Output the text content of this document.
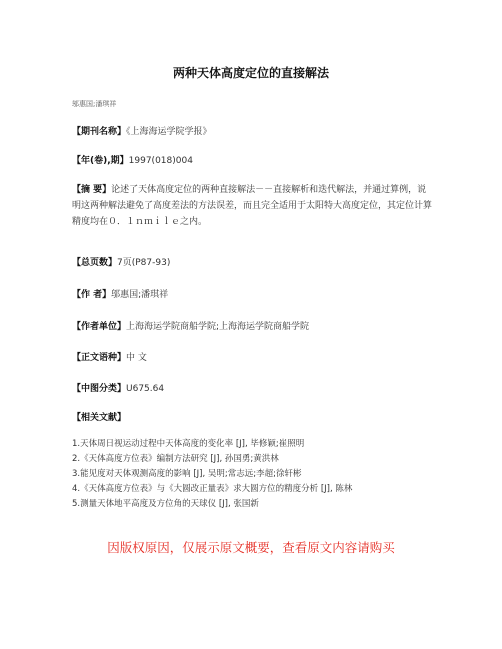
两种天体高度定位的直接解法
邬惠国;潘琪祥
【期刊名称】《上海海运学院学报》
【年(卷),期】1997(018)004
【摘 要】论述了天体高度定位的两种直接解法－－直接解析和迭代解法，并通过算例，说明这两种解法避免了高度差法的方法误差，而且完全适用于太阳特大高度定位，其定位计算精度均在０．１ｎｍｉｌｅ之内。
【总页数】7页(P87-93)
【作 者】邬惠国;潘琪祥
【作者单位】上海海运学院商船学院;上海海运学院商船学院
【正文语种】中 文
【中图分类】U675.64
【相关文献】
1.天体周日视运动过程中天体高度的变化率 [J], 毕修颖;崔照明
2.《天体高度方位表》编制方法研究 [J], 孙国勇;黄洪林
3.能见度对天体观测高度的影响 [J], 吴明;常志远;李超;徐轩彬
4.《天体高度方位表》与《大圆改正量表》求大圆方位的精度分析 [J], 陈林
5.测量天体地平高度及方位角的天球仪 [J], 张国新
因版权原因，仅展示原文概要，查看原文内容请购买
